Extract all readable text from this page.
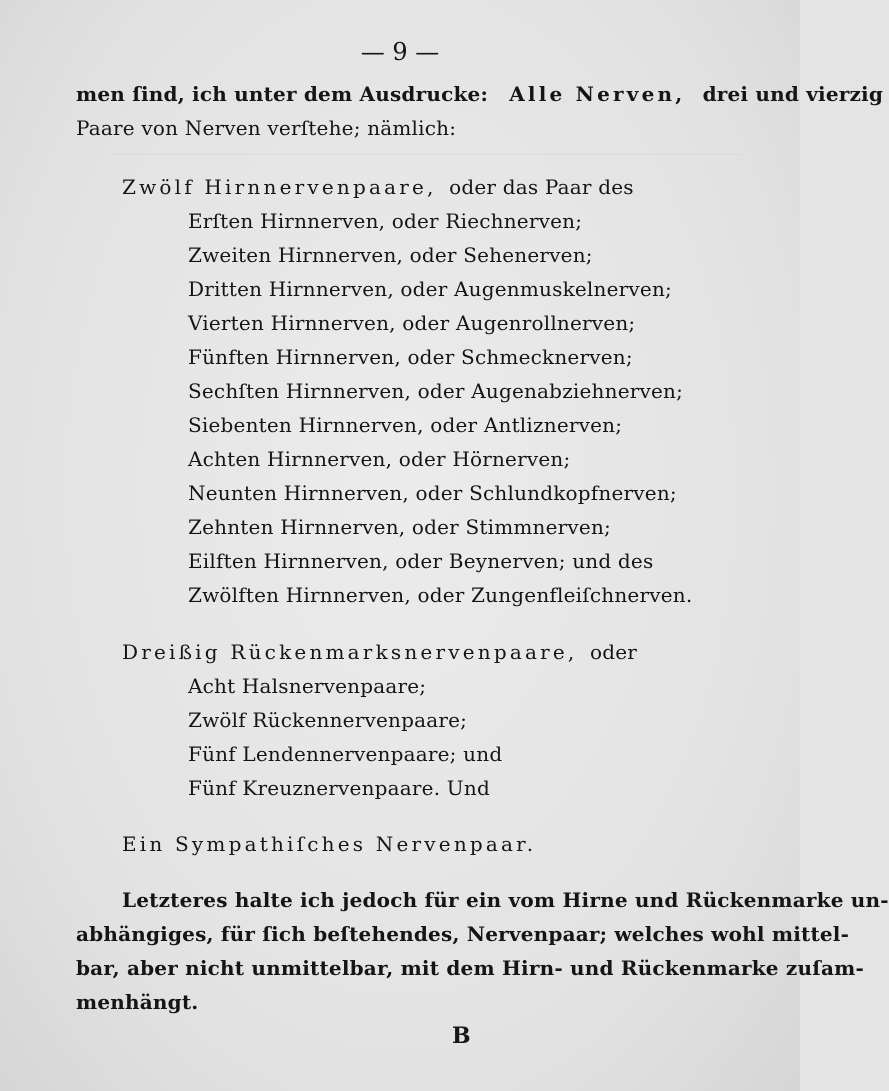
— 9 —
men ſind, ich unter dem Ausdrucke: Alle Nerven, drei und vierzig
Paare von Nerven verſtehe; nämlich:
Zwölf Hirnnervenpaare, oder das Paar des
Erſten Hirnnerven, oder Riechnerven;
Zweiten Hirnnerven, oder Sehenerven;
Dritten Hirnnerven, oder Augenmuskelnerven;
Vierten Hirnnerven, oder Augenrollnerven;
Fünften Hirnnerven, oder Schmecknerven;
Sechſten Hirnnerven, oder Augenabziehnerven;
Siebenten Hirnnerven, oder Antliznerven;
Achten Hirnnerven, oder Hörnerven;
Neunten Hirnnerven, oder Schlundkopfnerven;
Zehnten Hirnnerven, oder Stimmnerven;
Eilften Hirnnerven, oder Beynerven; und des
Zwölften Hirnnerven, oder Zungenfleiſchnerven.
Dreißig Rückenmarksnervenpaare, oder
Acht Halsnervenpaare;
Zwölf Rückennervenpaare;
Fünf Lendennervenpaare; und
Fünf Kreuznervenpaare. Und
Ein Sympathiſches Nervenpaar.
Letzteres halte ich jedoch für ein vom Hirne und Rückenmarke un-
abhängiges, für ſich beſtehendes, Nervenpaar; welches wohl mittel-
bar, aber nicht unmittelbar, mit dem Hirn- und Rückenmarke zuſam-
menhängt.
B
